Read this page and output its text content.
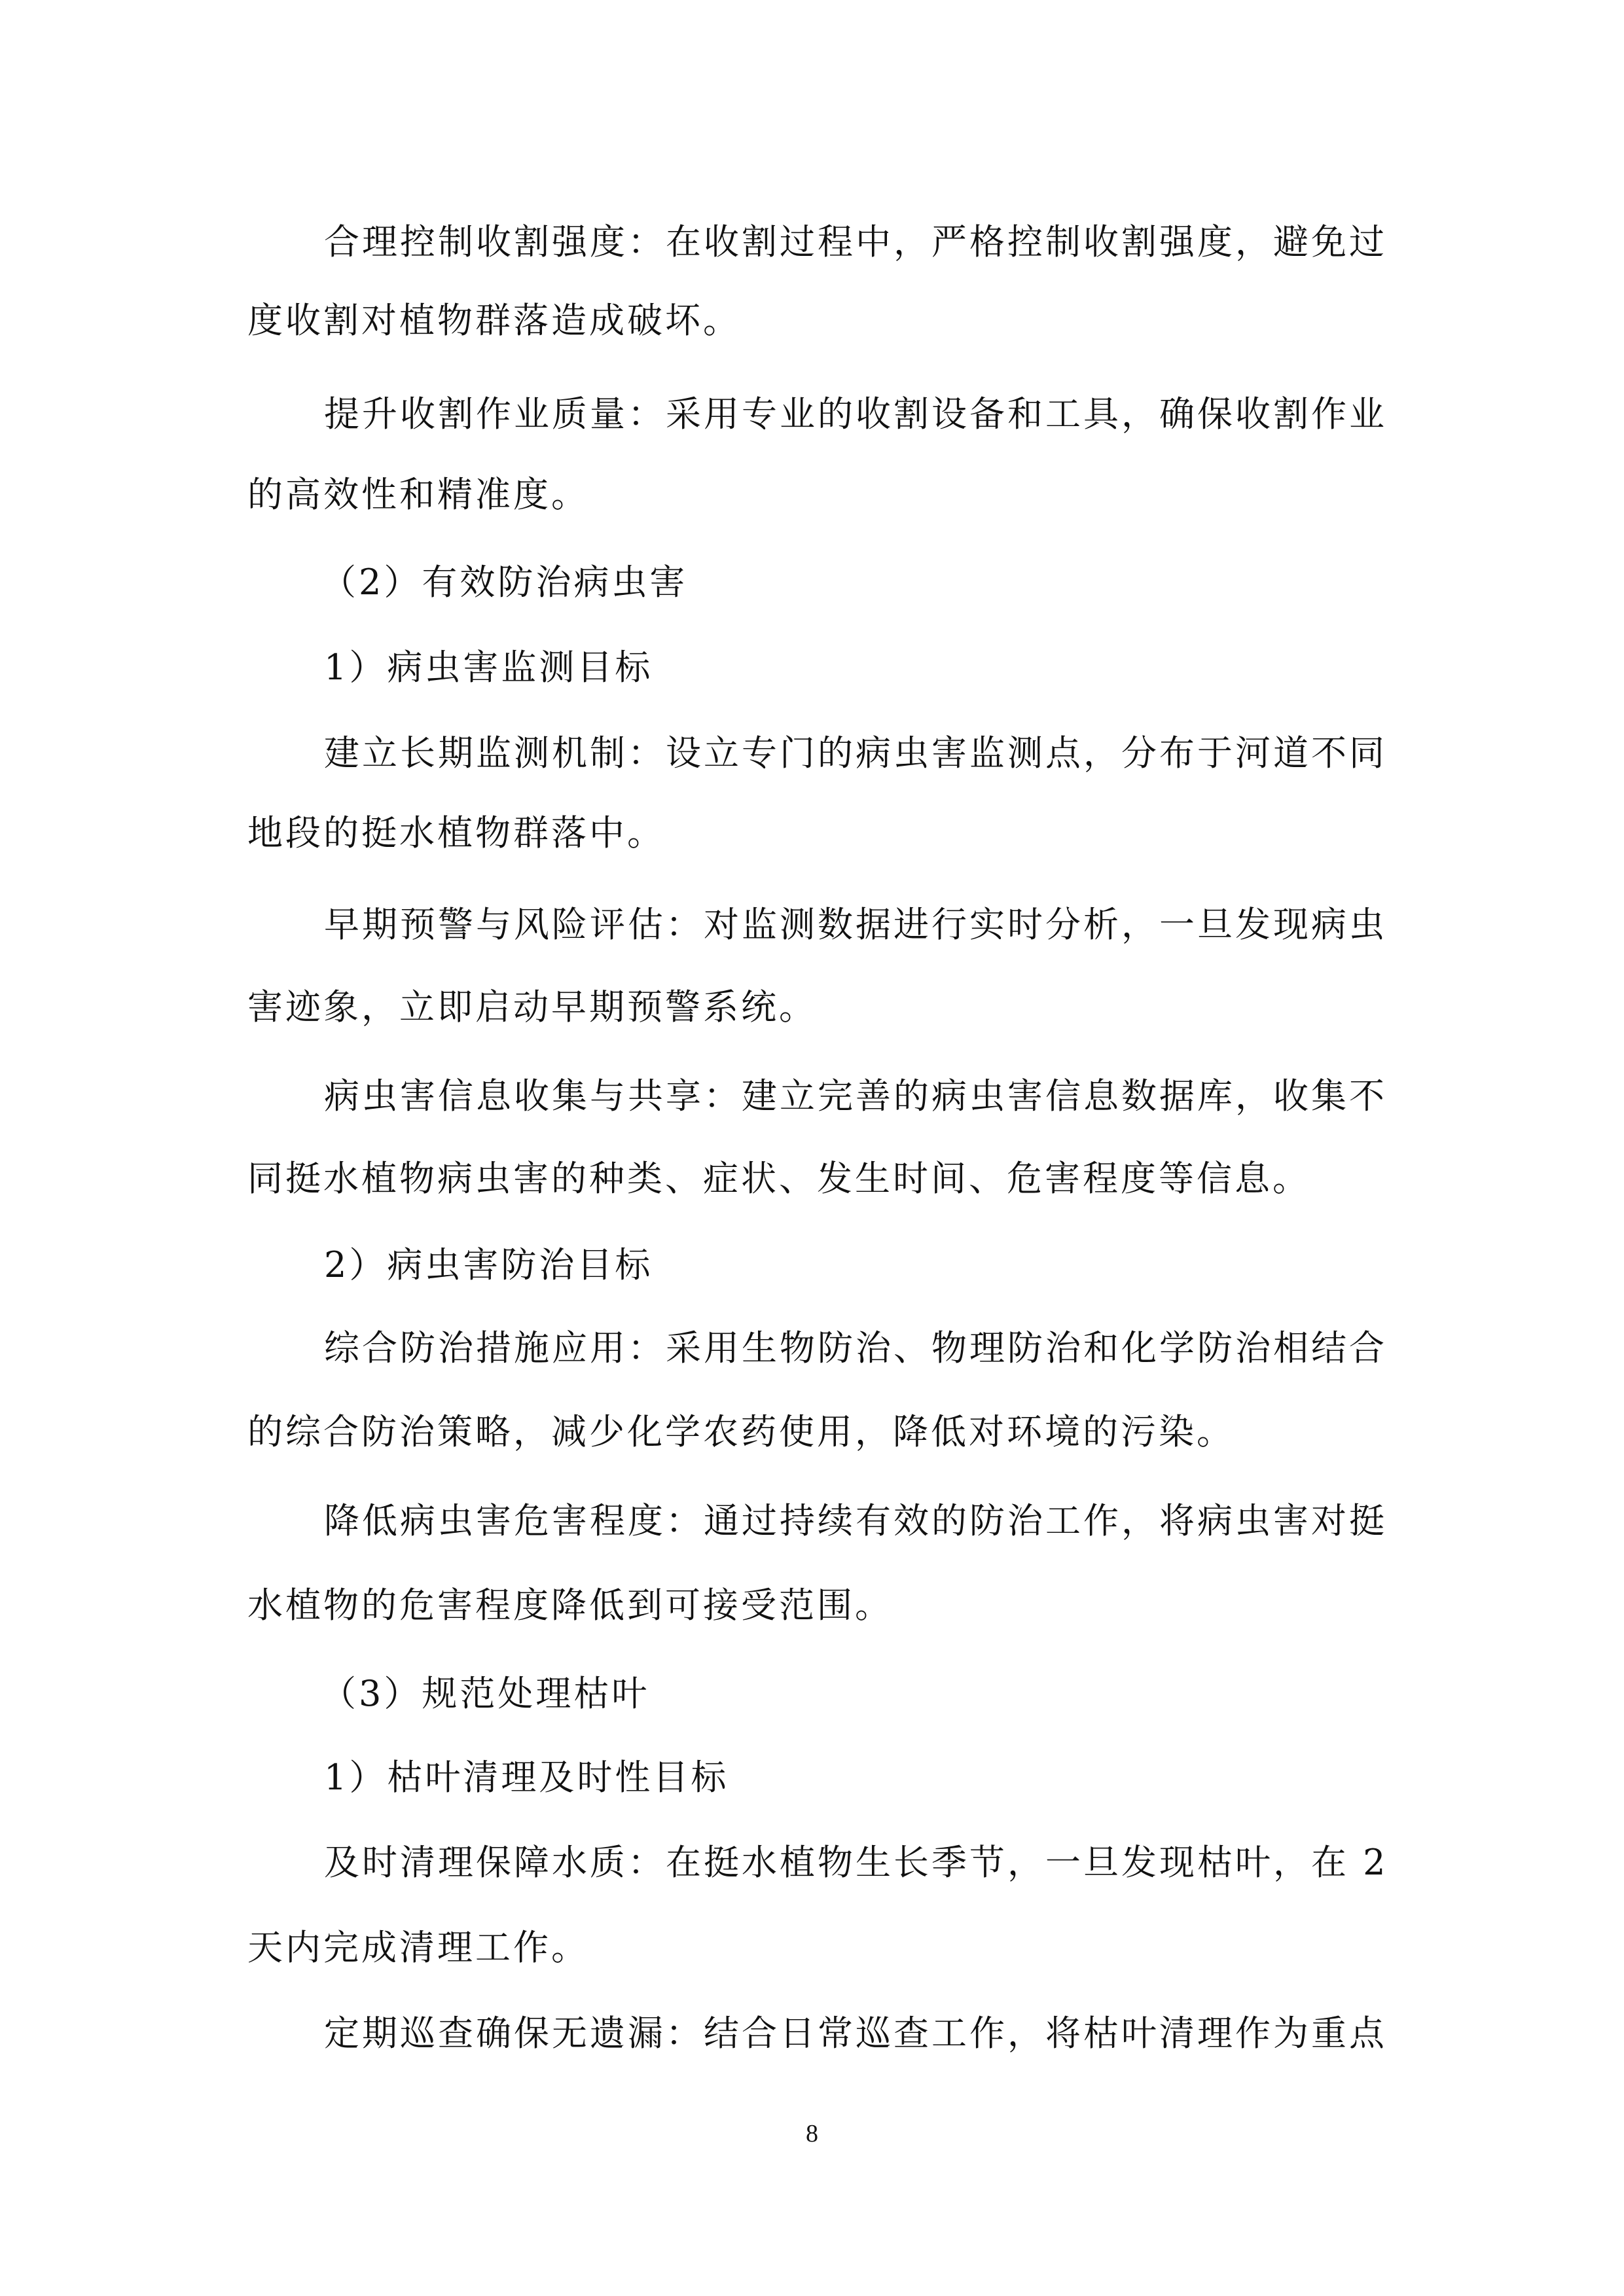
合理控制收割强度：在收割过程中，严格控制收割强度，避免过
度收割对植物群落造成破坏。
提升收割作业质量：采用专业的收割设备和工具，确保收割作业
的高效性和精准度。
（2）有效防治病虫害
1）病虫害监测目标
建立长期监测机制：设立专门的病虫害监测点，分布于河道不同
地段的挺水植物群落中。
早期预警与风险评估：对监测数据进行实时分析，一旦发现病虫
害迹象，立即启动早期预警系统。
病虫害信息收集与共享：建立完善的病虫害信息数据库，收集不
同挺水植物病虫害的种类、症状、发生时间、危害程度等信息。
2）病虫害防治目标
综合防治措施应用：采用生物防治、物理防治和化学防治相结合
的综合防治策略，减少化学农药使用，降低对环境的污染。
降低病虫害危害程度：通过持续有效的防治工作，将病虫害对挺
水植物的危害程度降低到可接受范围。
（3）规范处理枯叶
1）枯叶清理及时性目标
及时清理保障水质：在挺水植物生长季节，一旦发现枯叶，在 2
天内完成清理工作。
定期巡查确保无遗漏：结合日常巡查工作，将枯叶清理作为重点
8
